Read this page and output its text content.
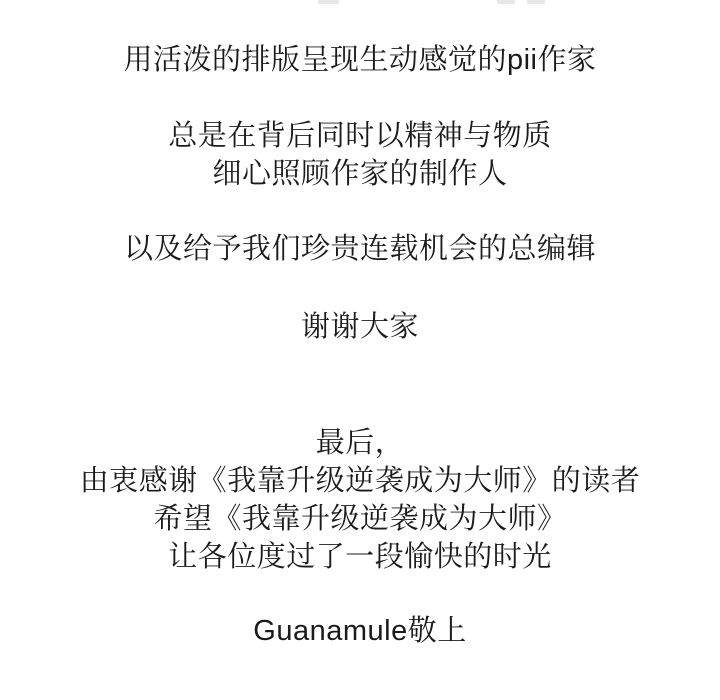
用活泼的排版呈现生动感觉的pii作家
总是在背后同时以精神与物质
细心照顾作家的制作人
以及给予我们珍贵连载机会的总编辑
谢谢大家
最后，
由衷感谢《我靠升级逆袭成为大师》的读者
希望《我靠升级逆袭成为大师》
让各位度过了一段愉快的时光
Guanamule敬上
